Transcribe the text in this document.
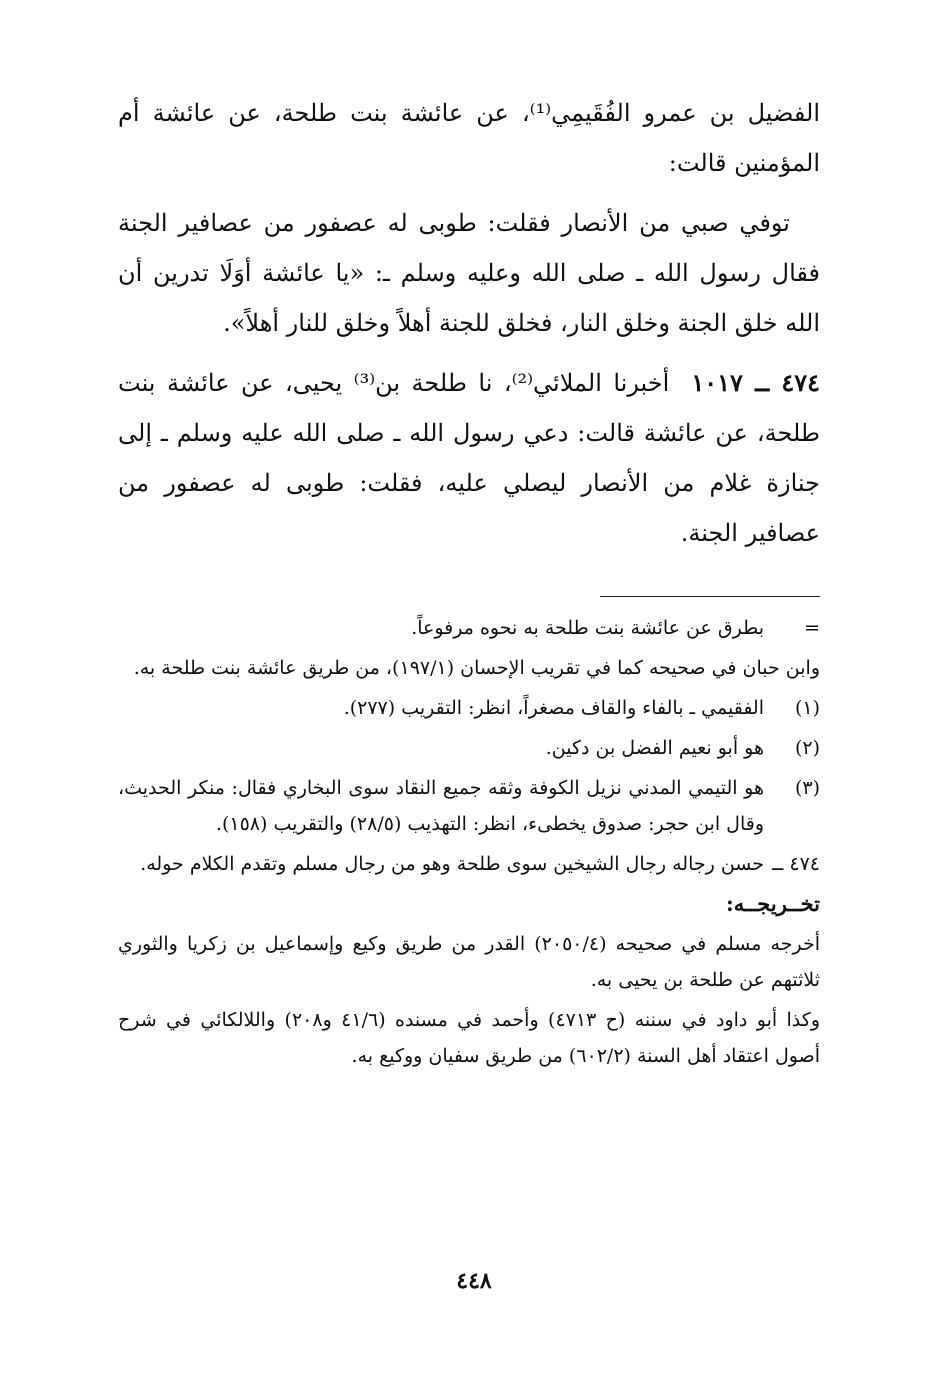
الفضيل بن عمرو الفُقَيمِي⁽¹⁾، عن عائشة بنت طلحة، عن عائشة أم المؤمنين قالت:

توفي صبي من الأنصار فقلت: طوبى له عصفور من عصافير الجنة فقال رسول الله ـ صلى الله وعليه وسلم ـ: «يا عائشة أوَلَا تدرين أن الله خلق الجنة وخلق النار، فخلق للجنة أهلاً وخلق للنار أهلاً».

٤٧٤ ــ ١٠١٧أخبرنا الملائي⁽²⁾، نا طلحة بن⁽³⁾ يحيى، عن عائشة بنت طلحة، عن عائشة قالت: دعي رسول الله ـ صلى الله عليه وسلم ـ إلى جنازة غلام من الأنصار ليصلي عليه، فقلت: طوبى له عصفور من عصافير الجنة.

=
بطرق عن عائشة بنت طلحة به نحوه مرفوعاً.
وابن حبان في صحيحه كما في تقريب الإحسان (١٩٧/١)، من طريق عائشة بنت طلحة به.
(١)
الفقيمي ـ بالفاء والقاف مصغراً، انظر: التقريب (٢٧٧).
(٢)
هو أبو نعيم الفضل بن دكين.
(٣)
هو التيمي المدني نزيل الكوفة وثقه جميع النقاد سوى البخاري فقال: منكر الحديث، وقال ابن حجر: صدوق يخطىء، انظر: التهذيب (٢٨/٥) والتقريب (١٥٨).
٤٧٤ ــ
حسن رجاله رجال الشيخين سوى طلحة وهو من رجال مسلم وتقدم الكلام حوله.
تخــريجــه:
أخرجه مسلم في صحيحه (٢٠٥٠/٤) القدر من طريق وكيع وإسماعيل بن زكريا والثوري ثلاثتهم عن طلحة بن يحيى به.
وكذا أبو داود في سننه (ح ٤٧١٣) وأحمد في مسنده (٤١/٦ و٢٠٨) واللالكائي في شرح أصول اعتقاد أهل السنة (٦٠٢/٢) من طريق سفيان ووكيع به.
٤٤٨
